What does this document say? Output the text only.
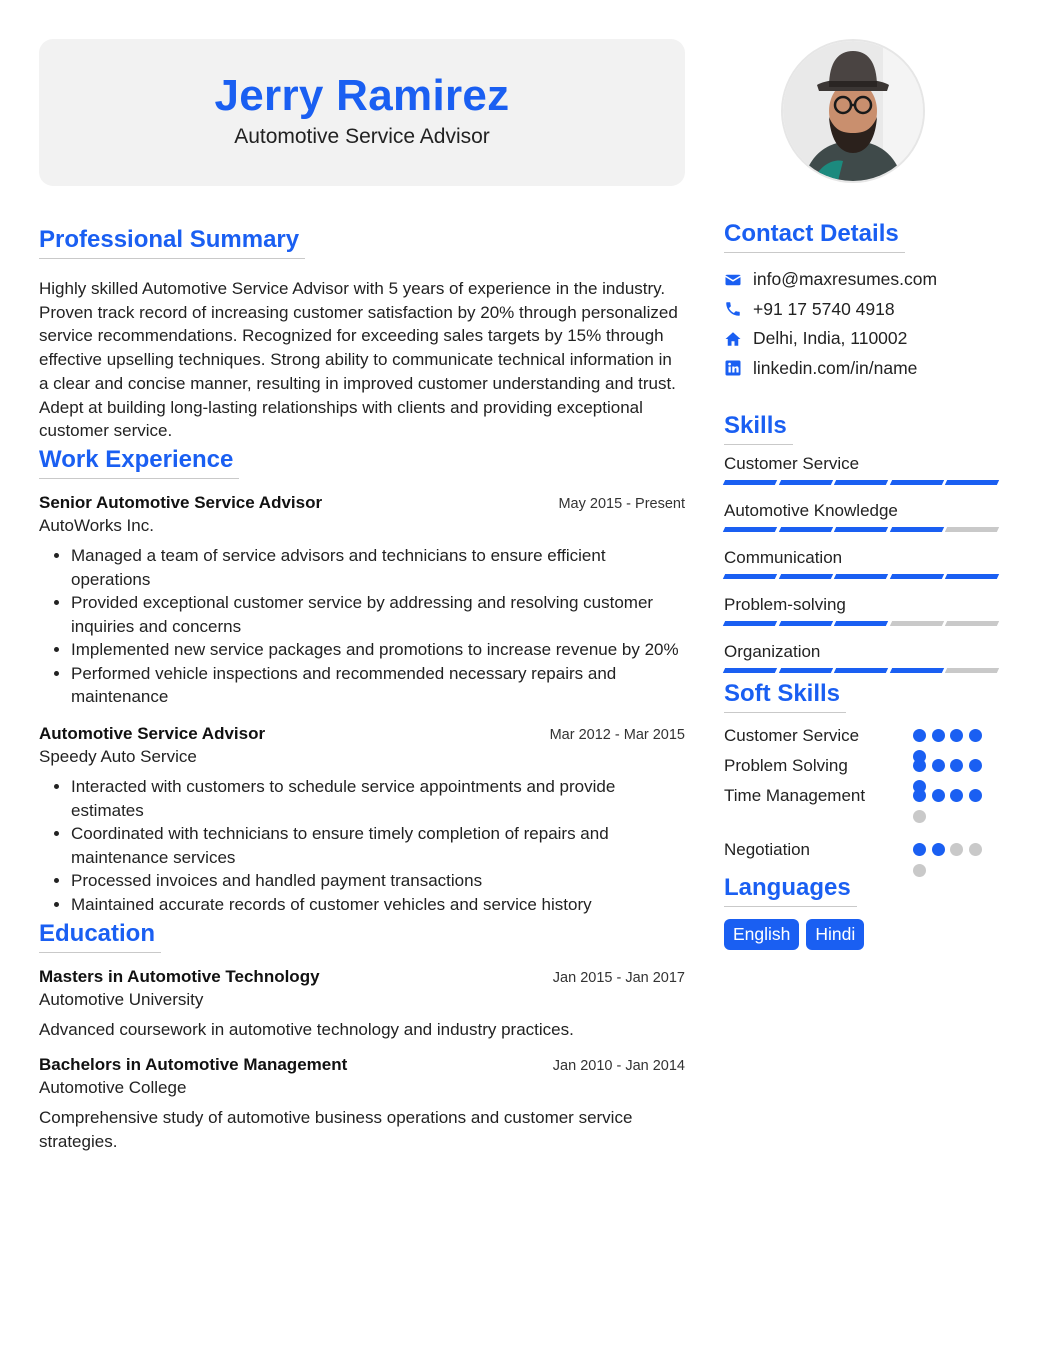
Jerry Ramirez
Automotive Service Advisor
Professional Summary

Highly skilled Automotive Service Advisor with 5 years of experience in the industry. Proven track record of increasing customer satisfaction by 20% through personalized service recommendations. Recognized for exceeding sales targets by 15% through effective upselling techniques. Strong ability to communicate technical information in a clear and concise manner, resulting in improved customer understanding and trust. Adept at building long-lasting relationships with clients and providing exceptional customer service.

Work Experience
Senior Automotive Service Advisor	May 2015 - Present
AutoWorks Inc.
• Managed a team of service advisors and technicians to ensure efficient operations
• Provided exceptional customer service by addressing and resolving customer inquiries and concerns
• Implemented new service packages and promotions to increase revenue by 20%
• Performed vehicle inspections and recommended necessary repairs and maintenance
Automotive Service Advisor	Mar 2012 - Mar 2015
Speedy Auto Service
• Interacted with customers to schedule service appointments and provide estimates
• Coordinated with technicians to ensure timely completion of repairs and maintenance services
• Processed invoices and handled payment transactions
• Maintained accurate records of customer vehicles and service history
Education
Masters in Automotive Technology	Jan 2015 - Jan 2017
Automotive University

Advanced coursework in automotive technology and industry practices.

Bachelors in Automotive Management	Jan 2010 - Jan 2014
Automotive College

Comprehensive study of automotive business operations and customer service strategies.

Contact Details
info@maxresumes.com
+91 17 5740 4918
Delhi, India, 110002
linkedin.com/in/name
Skills
Customer Service
Automotive Knowledge
Communication
Problem-solving
Organization
Soft Skills
Customer Service
Problem Solving
Time Management
Negotiation
Languages
English	Hindi
